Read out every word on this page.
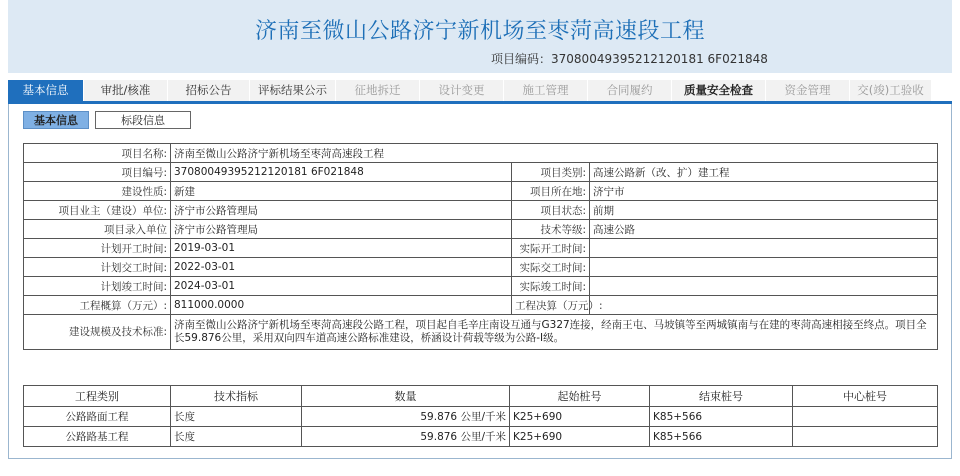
济南至微山公路济宁新机场至枣菏高速段工程
项目编码：37080049395212120181 6F021848
基本信息	审批/核准	招标公告	评标结果公示	征地拆迁	设计变更	施工管理	合同履约	质量安全检查	资金管理	交(竣)工验收
基本信息	标段信息
项目名称:	济南至微山公路济宁新机场至枣菏高速段工程		
项目编号:	37080049395212120181 6F021848	项目类别:	高速公路新（改、扩）建工程
建设性质:	新建	项目所在地:	济宁市
项目业主（建设）单位:	济宁市公路管理局	项目状态:	前期
项目录入单位	济宁市公路管理局	技术等级:	高速公路
计划开工时间:	2019-03-01	实际开工时间:	
计划交工时间:	2022-03-01	实际交工时间:	
计划竣工时间:	2024-03-01	实际竣工时间:	
工程概算（万元）:	811000.0000	工程决算（万元）:	
建设规模及技术标准:	济南至微山公路济宁新机场至枣菏高速段公路工程，项目起自毛辛庄南设互通与G327连接，经南王屯、马坡镇等至两城镇南与在建的枣菏高速相接至终点。项目全长59.876公里，采用双向四车道高速公路标准建设，桥涵设计荷载等级为公路-I级。		
工程类别	技术指标	数量	起始桩号	结束桩号	中心桩号
公路路面工程	长度	59.876 公里/千米	K25+690	K85+566	
公路路基工程	长度	59.876 公里/千米	K25+690	K85+566	
